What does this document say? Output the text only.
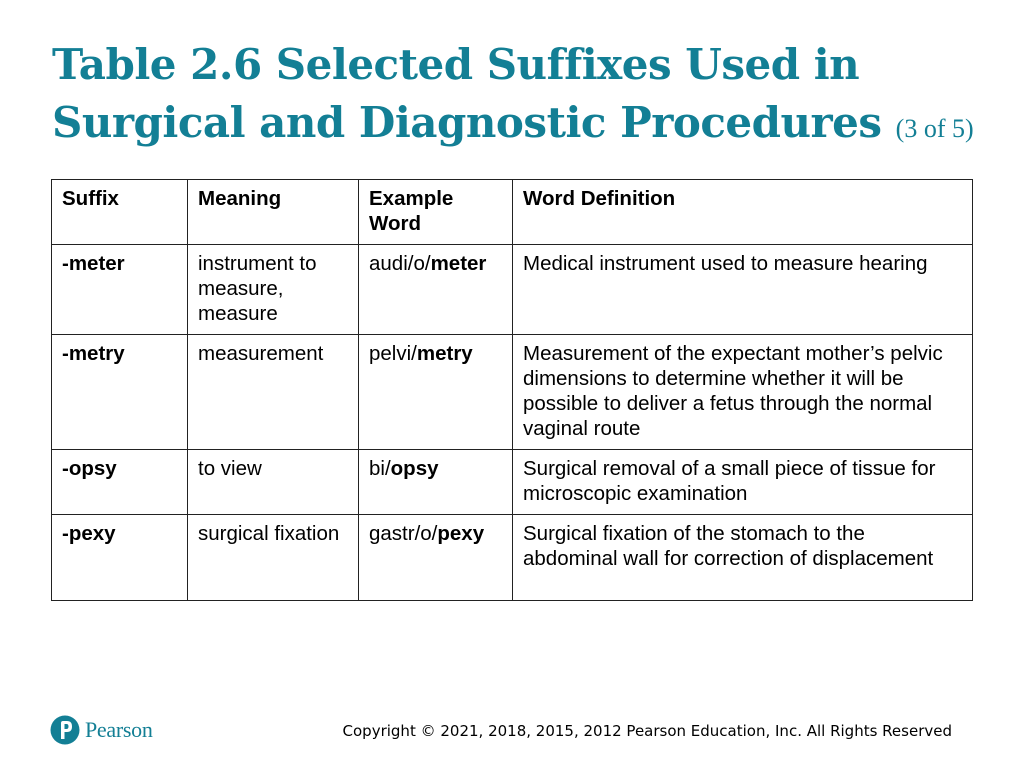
Table 2.6 Selected Suffixes Used in Surgical and Diagnostic Procedures (3 of 5)
Suffix	Meaning	Example Word	Word Definition
-meter	instrument to measure, measure	audi/o/meter	Medical instrument used to measure hearing
-metry	measurement	pelvi/metry	Measurement of the expectant mother’s pelvic dimensions to determine whether it will be possible to deliver a fetus through the normal vaginal route
-opsy	to view	bi/opsy	Surgical removal of a small piece of tissue for microscopic examination
-pexy	surgical fixation	gastr/o/pexy	Surgical fixation of the stomach to the abdominal wall for correction of displacement
Pearson	Copyright © 2021, 2018, 2015, 2012 Pearson Education, Inc. All Rights Reserved
